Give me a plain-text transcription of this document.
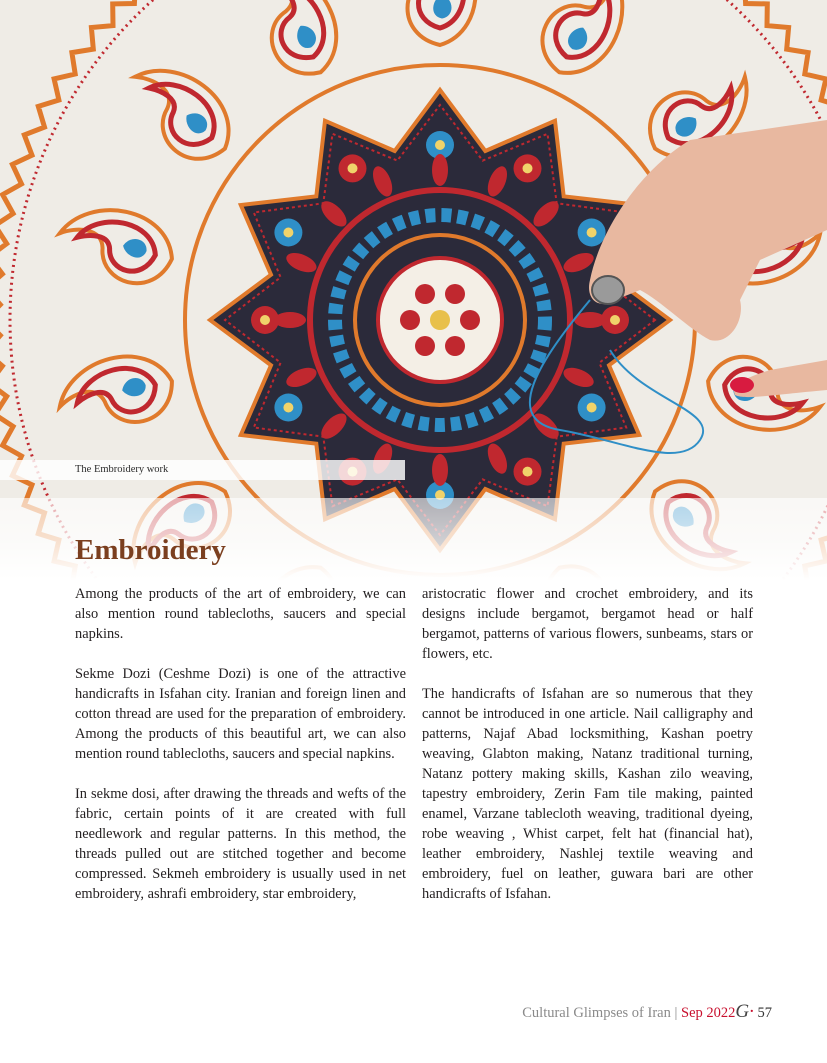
The Embroidery work
Embroidery

Among the products of the art of embroidery, we can also mention round tablecloths, saucers and special napkins.

Sekme Dozi (Ceshme Dozi) is one of the attractive handicrafts in Isfahan city. Iranian and foreign linen and cotton thread are used for the preparation of embroidery. Among the products of this beautiful art, we can also mention round tablecloths, saucers and special napkins.

In sekme dosi, after drawing the threads and wefts of the fabric, certain points of it are created with full needlework and regular patterns. In this method, the threads pulled out are stitched together and become compressed. Sekmeh embroidery is usually used in net embroidery, ashrafi embroidery, star embroidery,

aristocratic flower and crochet embroidery, and its designs include bergamot, bergamot head or half bergamot, patterns of various flowers, sunbeams, stars or flowers, etc.

The handicrafts of Isfahan are so numerous that they cannot be introduced in one article. Nail calligraphy and patterns, Najaf Abad locksmithing, Kashan poetry weaving, Glabton making, Natanz traditional turning, Natanz pottery making skills, Kashan zilo weaving, tapestry embroidery, Zerin Fam tile making, painted enamel, Varzane tablecloth weaving, traditional dyeing, robe weaving , Whist carpet, felt hat (financial hat), leather embroidery, Nashlej textile weaving and embroidery, fuel on leather, guwara bari are other handicrafts of Isfahan.

Cultural Glimpses of Iran | Sep 2022G· 57
